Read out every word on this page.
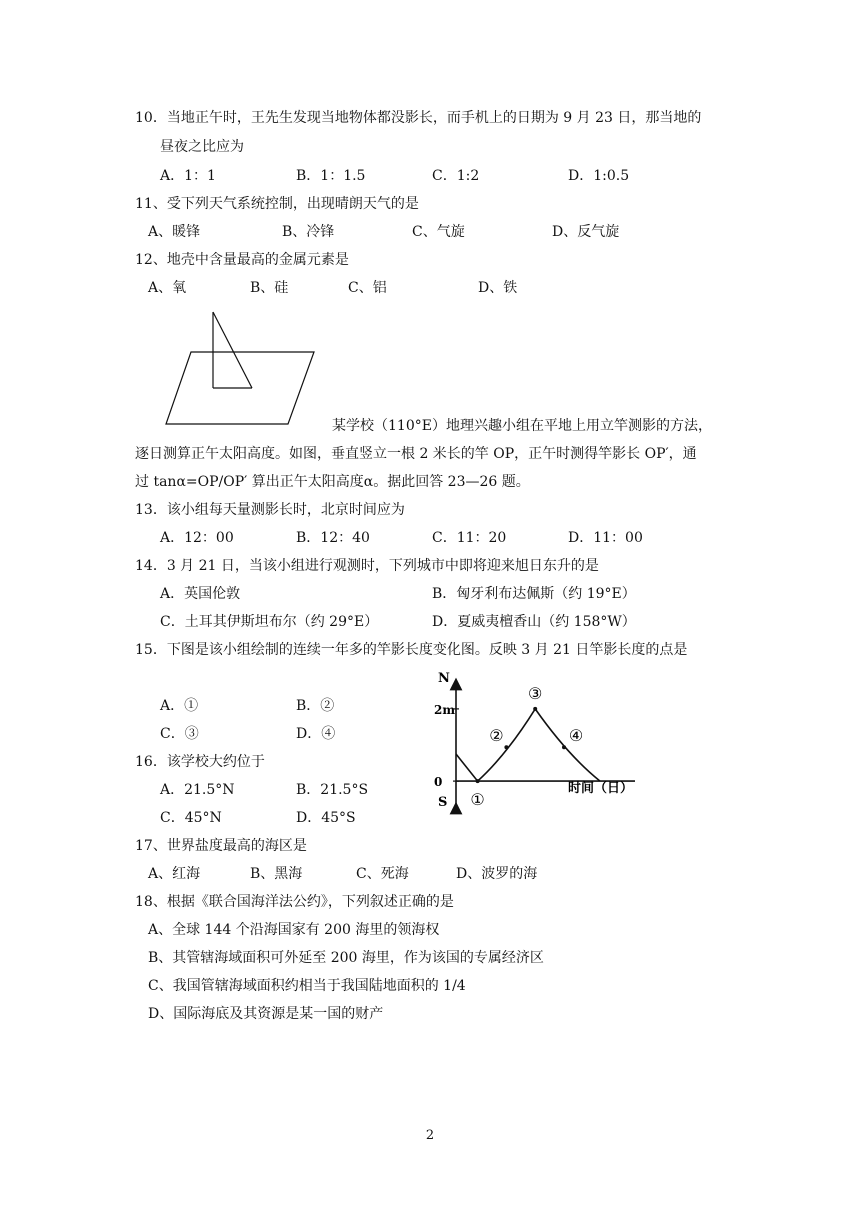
10．当地正午时，王先生发现当地物体都没影长，而手机上的日期为 9 月 23 日，那当地的
昼夜之比应为
A．1：1	B．1：1.5	C．1:2	D．1:0.5
11、受下列天气系统控制，出现晴朗天气的是
A、暖锋	B、冷锋	C、气旋	D、反气旋
12、地壳中含量最高的金属元素是
A、氧	B、硅	C、铝	D、铁
某学校（110°E）地理兴趣小组在平地上用立竿测影的方法，
逐日测算正午太阳高度。如图，垂直竖立一根 2 米长的竿 OP，正午时测得竿影长 OP′，通
过 tanα=OP/OP′ 算出正午太阳高度α。据此回答 23—26 题。
13．该小组每天量测影长时，北京时间应为
A．12：00	B．12：40	C．11：20	D．11：00
14．3 月 21 日，当该小组进行观测时，下列城市中即将迎来旭日东升的是
A．英国伦敦	B．匈牙利布达佩斯（约 19°E）
C．土耳其伊斯坦布尔（约 29°E）	D．夏威夷檀香山（约 158°W）
15．下图是该小组绘制的连续一年多的竿影长度变化图。反映 3 月 21 日竿影长度的点是
A．①	B．②
C．③	D．④
16．该学校大约位于
A．21.5°N	B．21.5°S
C．45°N	D．45°S
N
S
时间（日）
2m
0
①
②
③
④
17、世界盐度最高的海区是
A、红海	B、黑海	C、死海	D、波罗的海
18、根据《联合国海洋法公约》，下列叙述正确的是
A、全球 144 个沿海国家有 200 海里的领海权
B、其管辖海域面积可外延至 200 海里，作为该国的专属经济区
C、我国管辖海域面积约相当于我国陆地面积的 1/4
D、国际海底及其资源是某一国的财产
2
